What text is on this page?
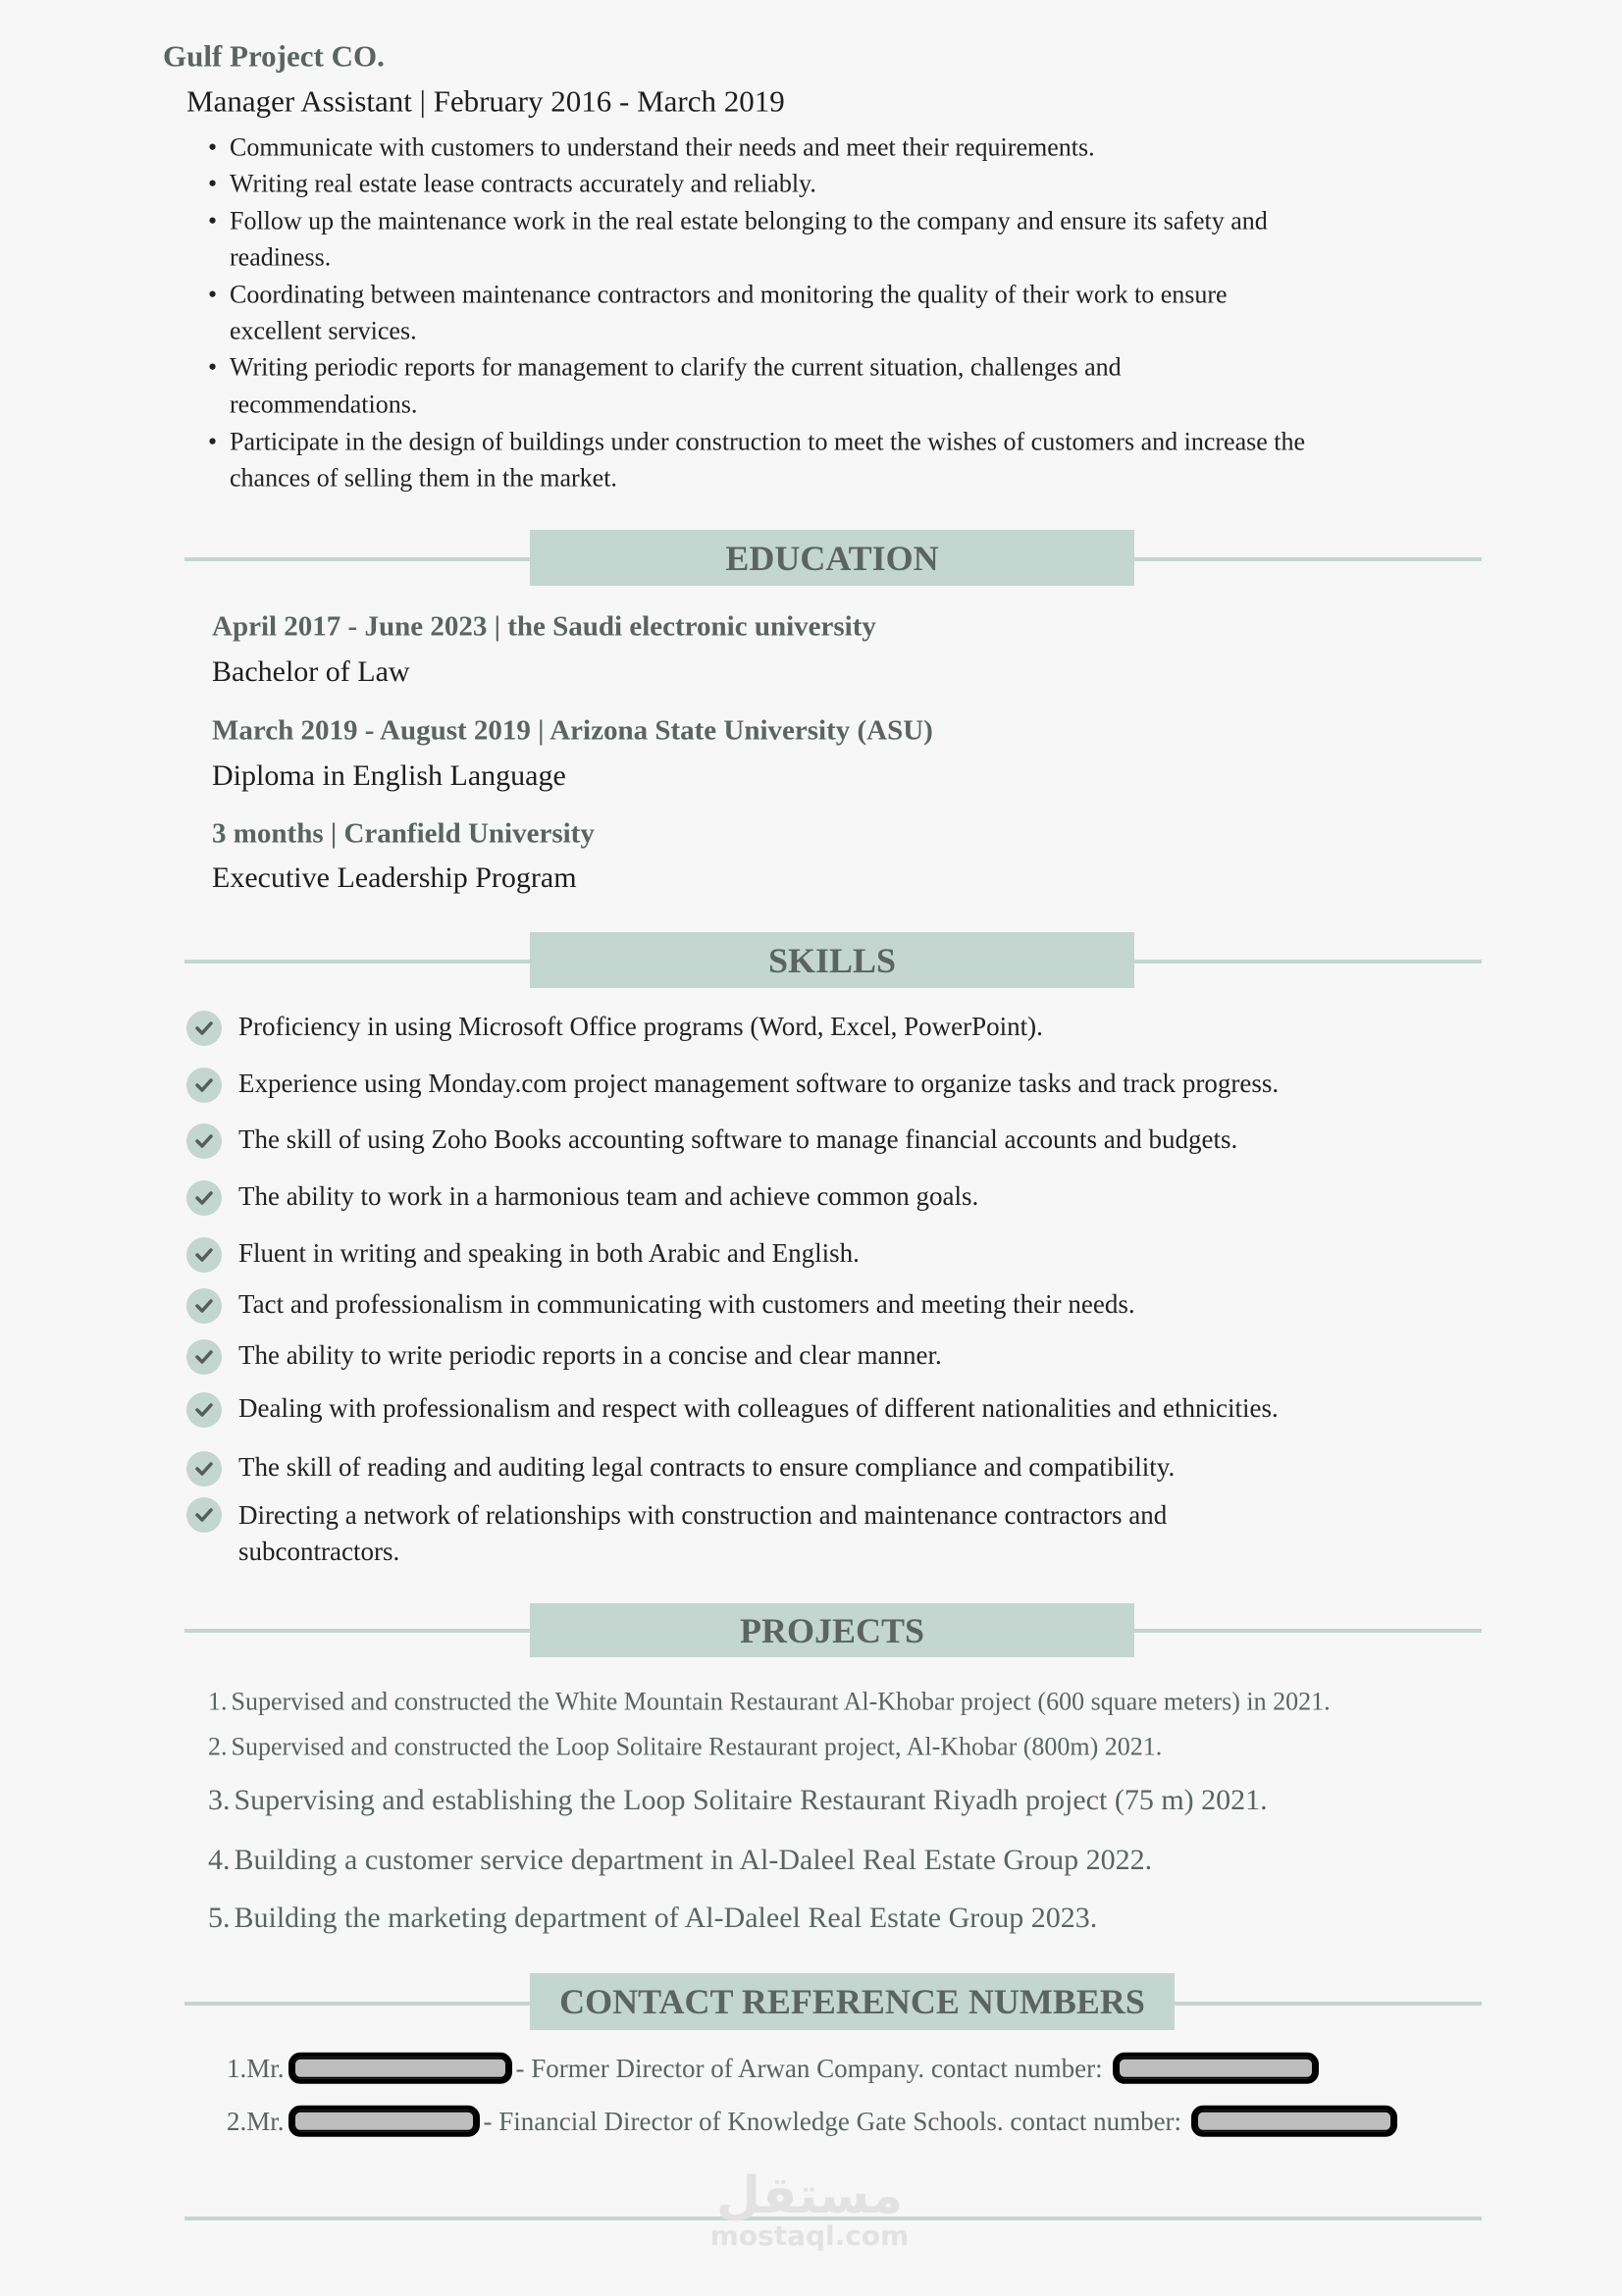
Gulf Project CO.
Manager Assistant | February 2016 - March 2019
• Communicate with customers to understand their needs and meet their requirements.
• Writing real estate lease contracts accurately and reliably.
• Follow up the maintenance work in the real estate belonging to the company and ensure its safety and
readiness.
• Coordinating between maintenance contractors and monitoring the quality of their work to ensure
excellent services.
• Writing periodic reports for management to clarify the current situation, challenges and
recommendations.
• Participate in the design of buildings under construction to meet the wishes of customers and increase the
chances of selling them in the market.
EDUCATION
April 2017 - June 2023 | the Saudi electronic university
Bachelor of Law
March 2019 - August 2019 | Arizona State University (ASU)
Diploma in English Language
3 months | Cranfield University
Executive Leadership Program
SKILLS
Proficiency in using Microsoft Office programs (Word, Excel, PowerPoint).
Experience using Monday.com project management software to organize tasks and track progress.
The skill of using Zoho Books accounting software to manage financial accounts and budgets.
The ability to work in a harmonious team and achieve common goals.
Fluent in writing and speaking in both Arabic and English.
Tact and professionalism in communicating with customers and meeting their needs.
The ability to write periodic reports in a concise and clear manner.
Dealing with professionalism and respect with colleagues of different nationalities and ethnicities.
The skill of reading and auditing legal contracts to ensure compliance and compatibility.
Directing a network of relationships with construction and maintenance contractors and
subcontractors.
PROJECTS
1. Supervised and constructed the White Mountain Restaurant Al-Khobar project (600 square meters) in 2021.
2. Supervised and constructed the Loop Solitaire Restaurant project, Al-Khobar (800m) 2021.
3. Supervising and establishing the Loop Solitaire Restaurant Riyadh project (75 m) 2021.
4. Building a customer service department in Al-Daleel Real Estate Group 2022.
5. Building the marketing department of Al-Daleel Real Estate Group 2023.
CONTACT REFERENCE NUMBERS
1.Mr.	- Former Director of Arwan Company. contact number:
2.Mr.	- Financial Director of Knowledge Gate Schools. contact number:
مستقل
mostaql.com
